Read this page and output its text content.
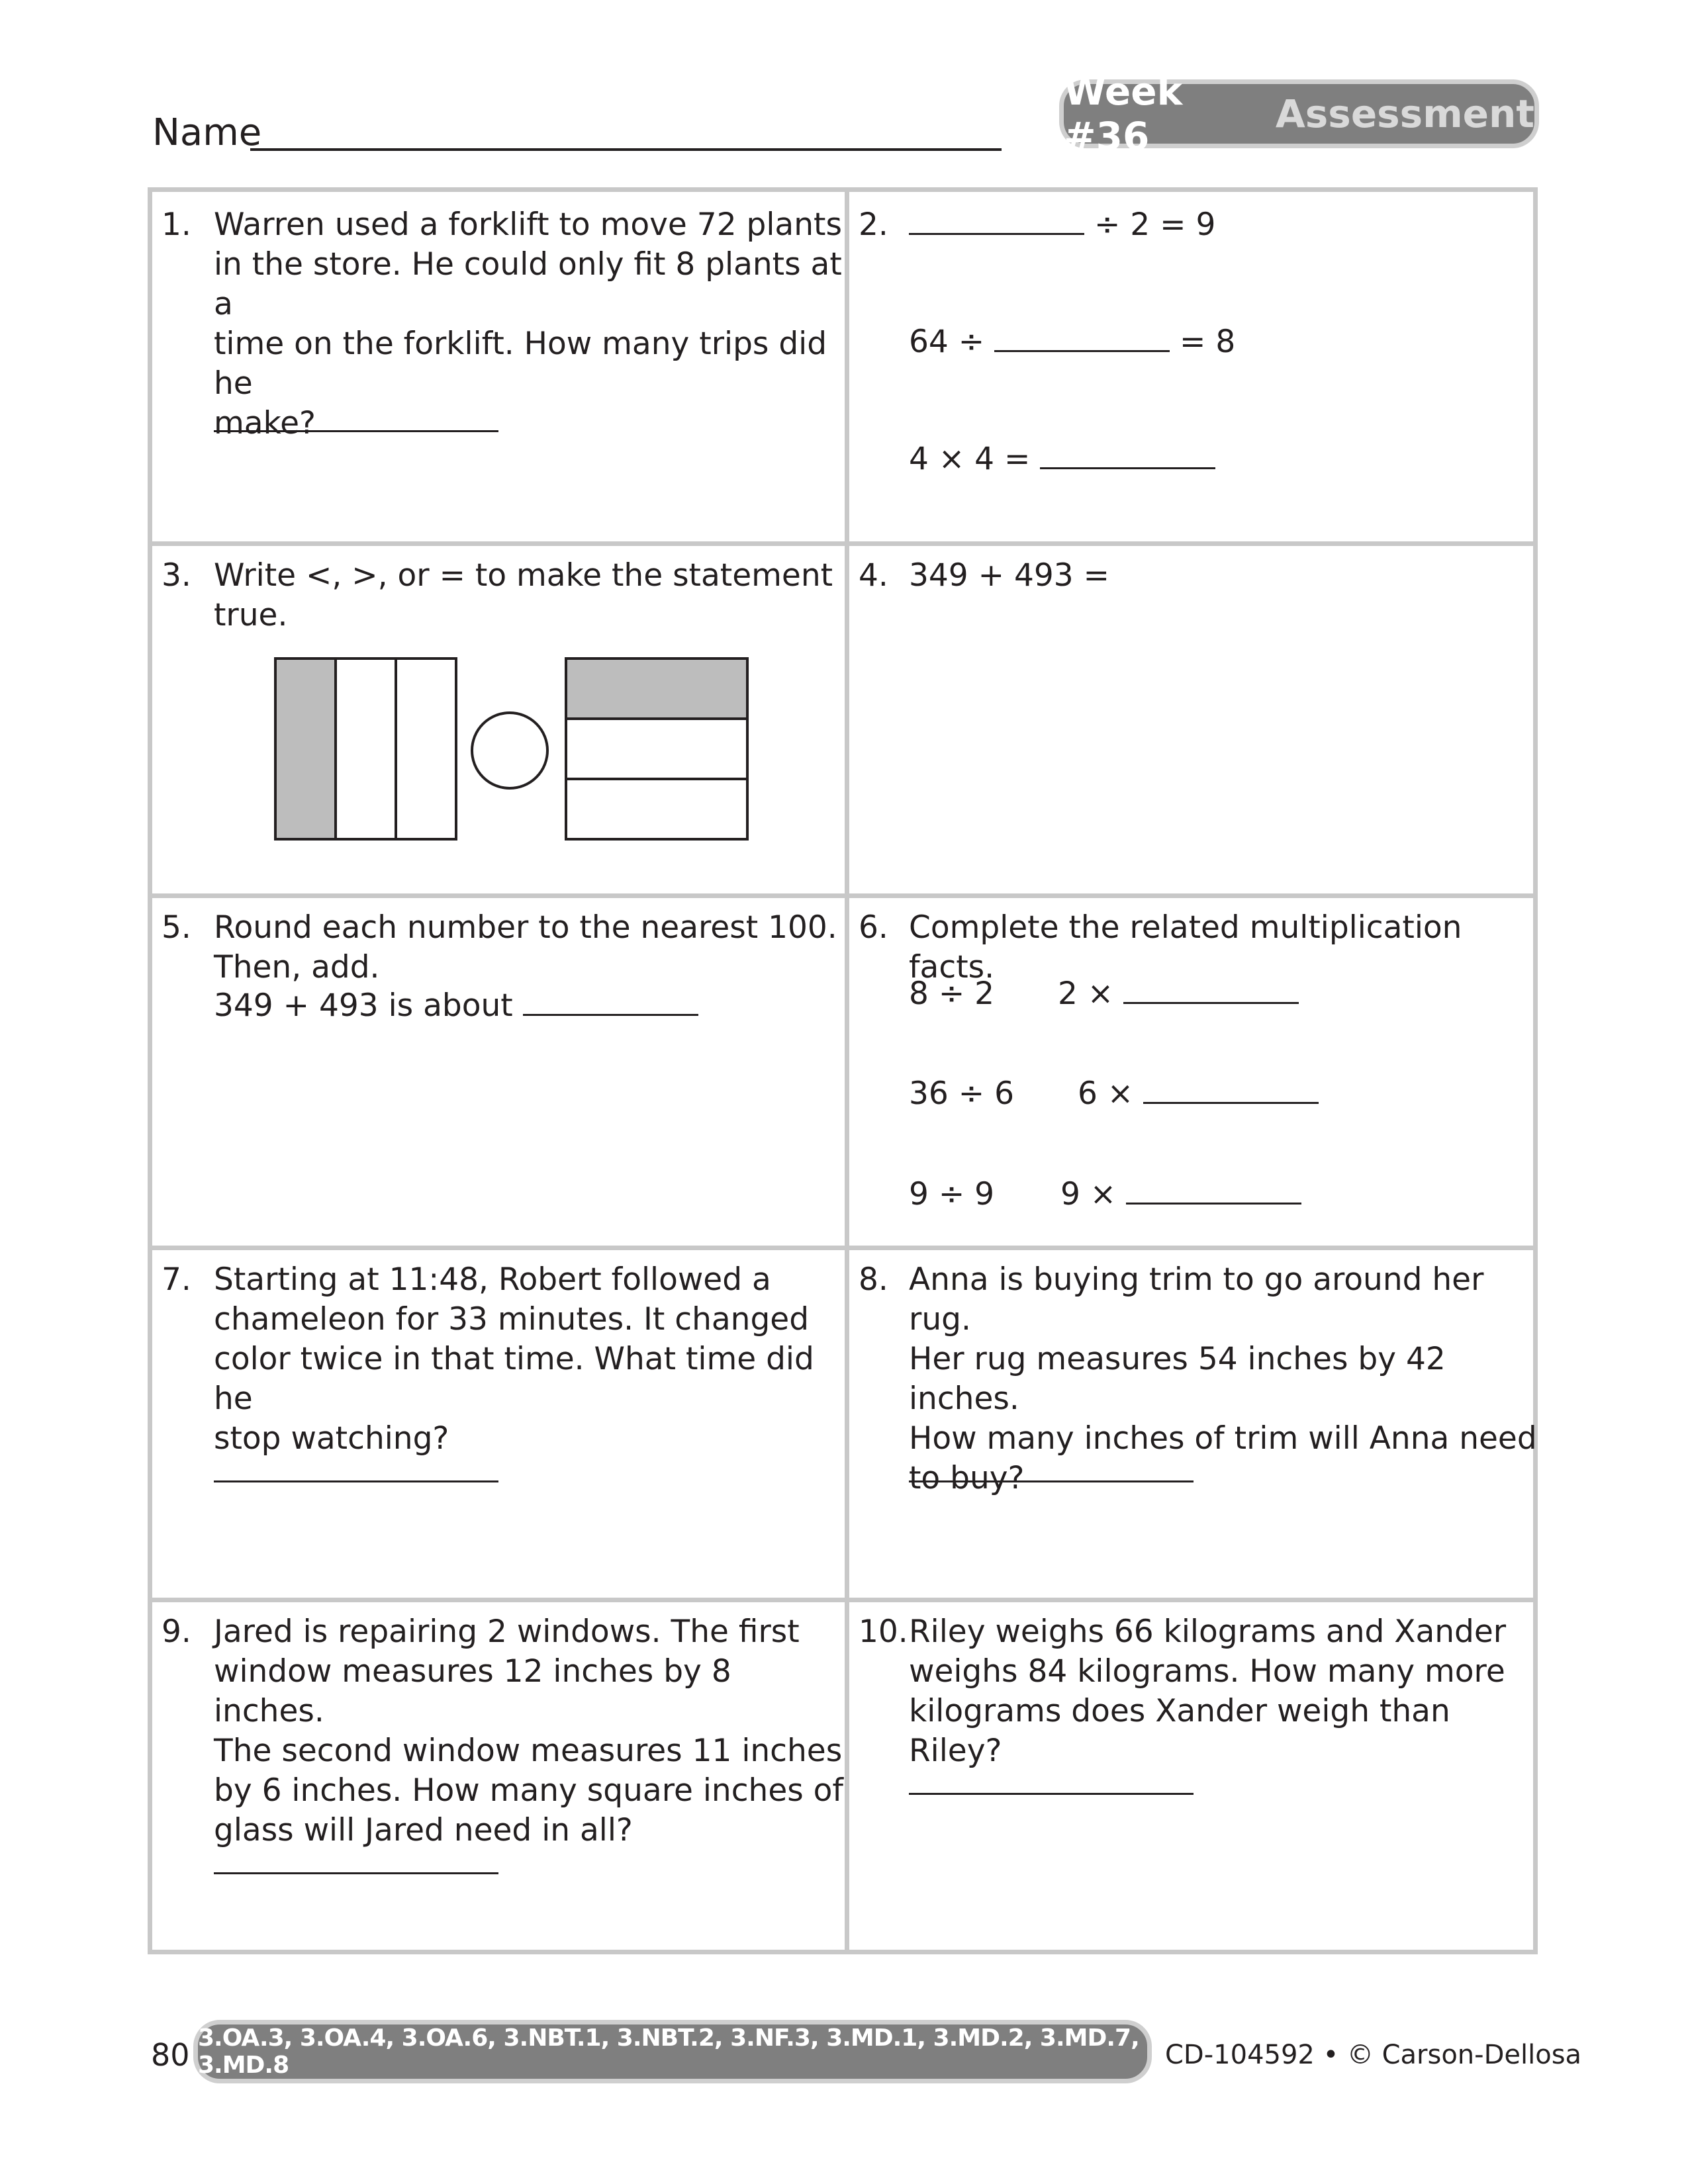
Name
Week #36	Assessment
1. Warren used a forklift to move 72 plants
in the store. He could only fit 8 plants at a
time on the forklift. How many trips did he
make?
2.	÷ 2 = 9
64 ÷	= 8
4 × 4 =
3. Write <, >, or = to make the statement
true.
4. 349 + 493 =
5. Round each number to the nearest 100.
Then, add.
349 + 493 is about
6. Complete the related multiplication facts.
8 ÷ 2 2 ×
36 ÷ 6 6 ×
9 ÷ 9 9 ×
7. Starting at 11:48, Robert followed a
chameleon for 33 minutes. It changed
color twice in that time. What time did he
stop watching?
8. Anna is buying trim to go around her rug.
Her rug measures 54 inches by 42 inches.
How many inches of trim will Anna need
to buy?
9. Jared is repairing 2 windows. The first
window measures 12 inches by 8 inches.
The second window measures 11 inches
by 6 inches. How many square inches of
glass will Jared need in all?
10. Riley weighs 66 kilograms and Xander
weighs 84 kilograms. How many more
kilograms does Xander weigh than Riley?
80 3.OA.3, 3.OA.4, 3.OA.6, 3.NBT.1, 3.NBT.2, 3.NF.3, 3.MD.1, 3.MD.2, 3.MD.7, 3.MD.8	CD-104592 • © Carson-Dellosa
